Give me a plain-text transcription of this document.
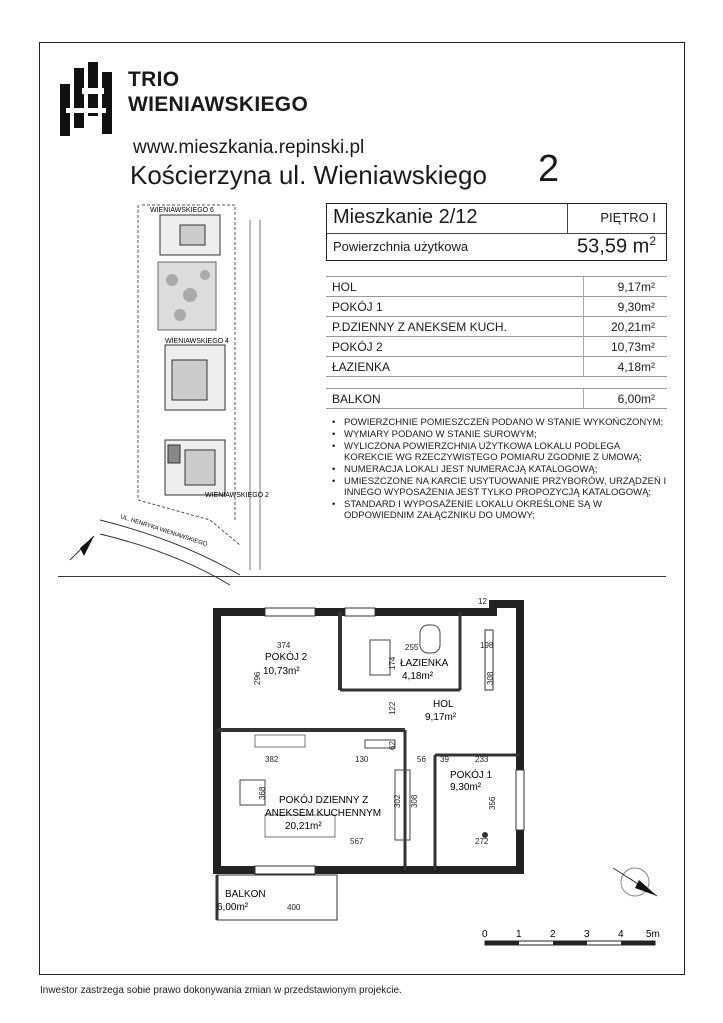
TRIO
WIENIAWSKIEGO
www.mieszkania.repinski.pl
Kościerzyna ul. Wieniawskiego 2
WIENIAWSKIEGO 6
WIENIAWSKIEGO 4
WIENIAWSKIEGO 2
UL. HENRYKA WIENIAWSKIEGO
Mieszkanie 2/12	PIĘTRO I
Powierzchnia użytkowa	53,59 $m^2$
HOL	9,17m²
POKÓJ 1	9,30m²
P.DZIENNY Z ANEKSEM KUCH.	20,21m²
POKÓJ 2	10,73m²
ŁAZIENKA	4,18m²
BALKON	6,00m²
• POWIERZCHNIE POMIESZCZEŃ PODANO W STANIE WYKOŃCZONYM;
• WYMIARY PODANO W STANIE SUROWYM;
• WYLICZONA POWIERZCHNIA UŻYTKOWA LOKALU PODLEGA KOREKCIE WG RZECZYWISTEGO POMIARU ZGODNIE Z UMOWĄ;
• NUMERACJA LOKALI JEST NUMERACJĄ KATALOGOWĄ;
• UMIESZCZONE NA KARCIE USYTUOWANIE PRZYBORÓW, URZĄDZEŃ I INNEGO WYPOSAŻENIA JEST TYLKO PROPOZYCJĄ KATALOGOWĄ;
• STANDARD I WYPOSAŻENIE LOKALU OKREŚLONE SĄ W ODPOWIEDNIM ZAŁĄCZNIKU DO UMOWY;
POKÓJ 2
10,73m²
ŁAZIENKA
4,18m²
HOL
9,17m²
POKÓJ 1
9,30m²
POKÓJ DZIENNY Z
ANEKSEM KUCHENNYM
20,21m²
BALKON
6,00m²
374
296
255
174
198
308
122
62
382	130	56 39	233
368
302 308
567	272
356
400
12
0	1	2	3	4 5m
Inwestor zastrzega sobie prawo dokonywania zmian w przedstawionym projekcie.
